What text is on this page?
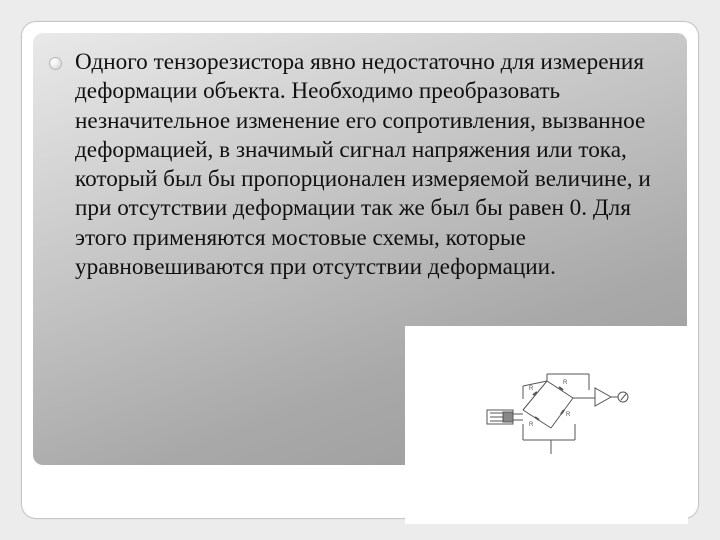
Одного тензорезистора явно недостаточно для измерения деформации объекта. Необходимо преобразовать незначительное изменение его сопротивления, вызванное деформацией, в значимый сигнал напряжения или тока, который был бы пропорционален измеряемой величине, и при отсутствии деформации так же был бы равен 0. Для этого применяются мостовые схемы, которые уравновешиваются при отсутствии деформации.

R
R
R
R
